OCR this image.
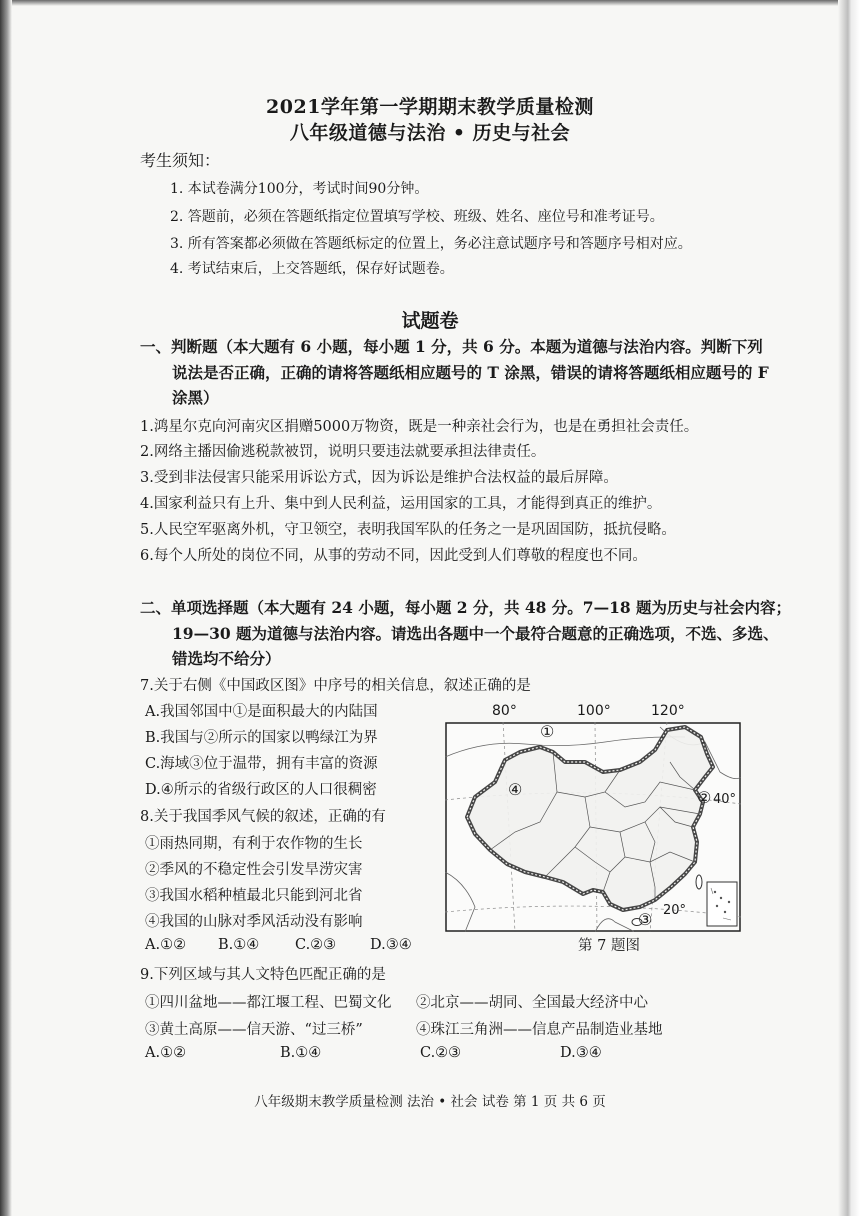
2021学年第一学期期末教学质量检测
八年级道德与法治 • 历史与社会
考生须知：
1. 本试卷满分100分，考试时间90分钟。
2. 答题前，必须在答题纸指定位置填写学校、班级、姓名、座位号和准考证号。
3. 所有答案都必须做在答题纸标定的位置上，务必注意试题序号和答题序号相对应。
4. 考试结束后，上交答题纸，保存好试题卷。
试题卷
一、判断题（本大题有 6 小题，每小题 1 分，共 6 分。本题为道德与法治内容。判断下列
说法是否正确，正确的请将答题纸相应题号的 T 涂黑，错误的请将答题纸相应题号的 F
涂黑）
1.鸿星尔克向河南灾区捐赠5000万物资，既是一种亲社会行为，也是在勇担社会责任。
2.网络主播因偷逃税款被罚，说明只要违法就要承担法律责任。
3.受到非法侵害只能采用诉讼方式，因为诉讼是维护合法权益的最后屏障。
4.国家利益只有上升、集中到人民利益，运用国家的工具，才能得到真正的维护。
5.人民空军驱离外机，守卫领空，表明我国军队的任务之一是巩固国防，抵抗侵略。
6.每个人所处的岗位不同，从事的劳动不同，因此受到人们尊敬的程度也不同。
二、单项选择题（本大题有 24 小题，每小题 2 分，共 48 分。7—18 题为历史与社会内容；
19—30 题为道德与法治内容。请选出各题中一个最符合题意的正确选项，不选、多选、
错选均不给分）
7.关于右侧《中国政区图》中序号的相关信息，叙述正确的是
A.我国邻国中①是面积最大的内陆国
B.我国与②所示的国家以鸭绿江为界
C.海域③位于温带，拥有丰富的资源
D.④所示的省级行政区的人口很稠密
8.关于我国季风气候的叙述，正确的有
①雨热同期，有利于农作物的生长
②季风的不稳定性会引发旱涝灾害
③我国水稻种植最北只能到河北省
④我国的山脉对季风活动没有影响
A.①② B.①④ C.②③ D.③④
9.下列区域与其人文特色匹配正确的是
①四川盆地——都江堰工程、巴蜀文化 ②北京——胡同、全国最大经济中心
③黄土高原——信天游、“过三桥”	④珠江三角洲——信息产品制造业基地
A.①②	B.①④	C.②③	D.③④
80°	100°	120°
①
②
③
④
40°
20°
第 7 题图
八年级期末教学质量检测 法治 • 社会 试卷 第 1 页 共 6 页
